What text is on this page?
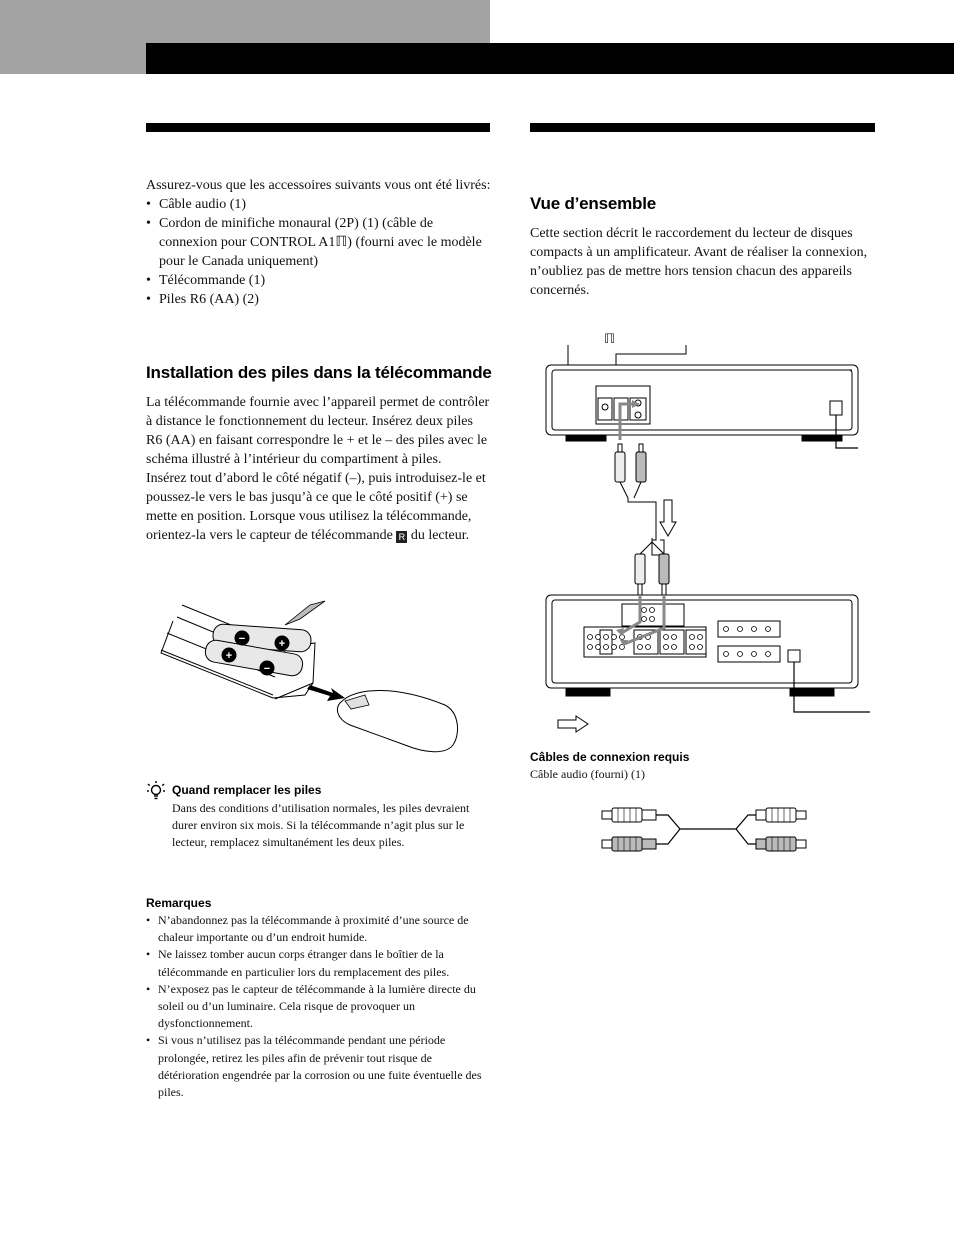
Assurez-vous que les accessoires suivants vous ont été livrés:

• Câble audio (1)
• Cordon de minifiche monaural (2P) (1) (câble de connexion pour CONTROL A1ℿ) (fourni avec le modèle pour le Canada uniquement)
• Télécommande (1)
• Piles R6 (AA) (2)
Installation des piles dans la télécommande

La télécommande fournie avec l’appareil permet de contrôler à distance le fonctionnement du lecteur. Insérez deux piles R6 (AA) en faisant correspondre le + et le – des piles avec le schéma illustré à l’intérieur du compartiment à piles.

Insérez tout d’abord le côté négatif (–), puis introduisez-le et poussez-le vers le bas jusqu’à ce que le côté positif (+) se mette en position. Lorsque vous utilisez la télécommande, orientez-la vers le capteur de télécommande R du lecteur.

−	+
+
−
Quand remplacer les piles
Dans des conditions d’utilisation normales, les piles devraient durer environ six mois. Si la télécommande n’agit plus sur le lecteur, remplacez simultanément les deux piles.
Remarques
• N’abandonnez pas la télécommande à proximité d’une source de chaleur importante ou d’un endroit humide.
• Ne laissez tomber aucun corps étranger dans le boîtier de la télécommande en particulier lors du remplacement des piles.
• N’exposez pas le capteur de télécommande à la lumière directe du soleil ou d’un luminaire. Cela risque de provoquer un dysfonctionnement.
• Si vous n’utilisez pas la télécommande pendant une période prolongée, retirez les piles afin de prévenir tout risque de détérioration engendrée par la corrosion ou une fuite éventuelle des piles.
Vue d’ensemble
Cette section décrit le raccordement du lecteur de disques compacts à un amplificateur. Avant de réaliser la connexion, n’oubliez pas de mettre hors tension chacun des appareils concernés.
ℿ
Câbles de connexion requis
Câble audio (fourni) (1)
